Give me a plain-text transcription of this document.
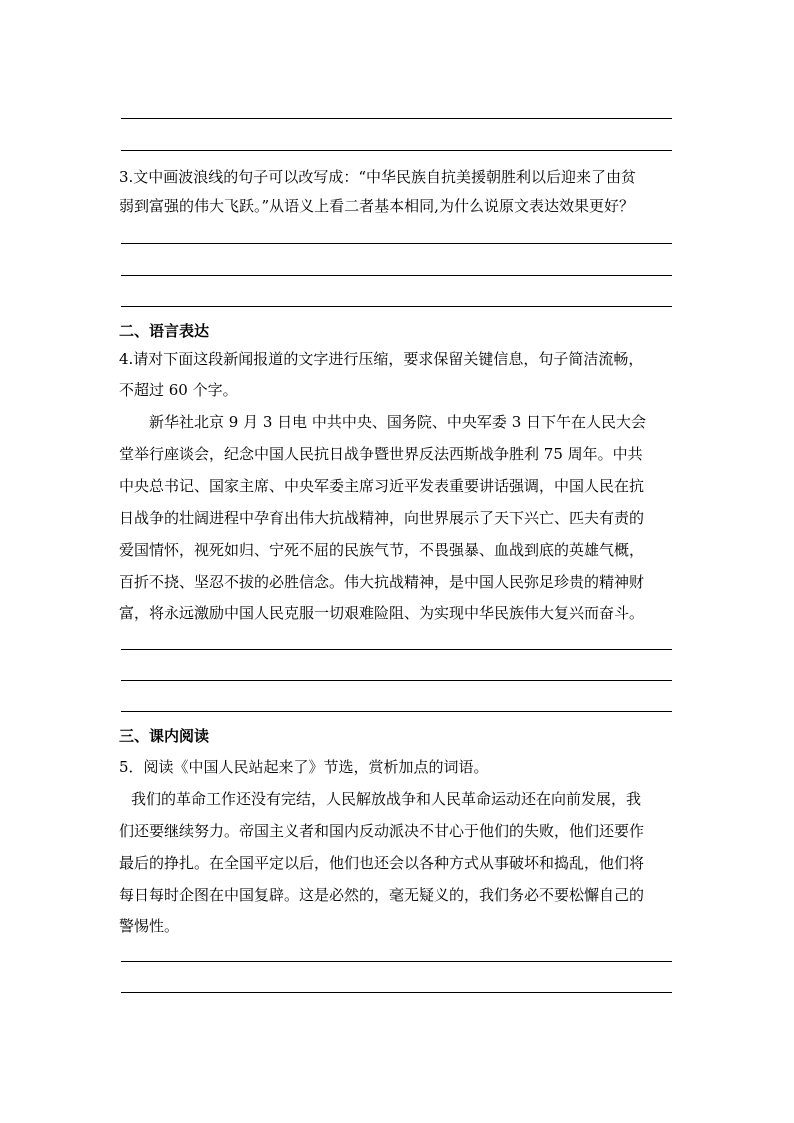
3.文中画波浪线的句子可以改写成：“中华民族自抗美援朝胜利以后迎来了由贫
弱到富强的伟大飞跃。”从语义上看二者基本相同,为什么说原文表达效果更好？
二、语言表达
4.请对下面这段新闻报道的文字进行压缩，要求保留关键信息，句子简洁流畅，
不超过 60 个字。
新华社北京 9 月 3 日电 中共中央、国务院、中央军委 3 日下午在人民大会
堂举行座谈会，纪念中国人民抗日战争暨世界反法西斯战争胜利 75 周年。中共
中央总书记、国家主席、中央军委主席习近平发表重要讲话强调，中国人民在抗
日战争的壮阔进程中孕育出伟大抗战精神，向世界展示了天下兴亡、匹夫有责的
爱国情怀，视死如归、宁死不屈的民族气节，不畏强暴、血战到底的英雄气概，
百折不挠、坚忍不拔的必胜信念。伟大抗战精神，是中国人民弥足珍贵的精神财
富，将永远激励中国人民克服一切艰难险阻、为实现中华民族伟大复兴而奋斗。
三、课内阅读
5．阅读《中国人民站起来了》节选，赏析加点的词语。
我们的革命工作还没有完结，人民解放战争和人民革命运动还在向前发展，我
们还要继续努力。帝国主义者和国内反动派决不甘心于他们的失败，他们还要作
最后的挣扎。在全国平定以后，他们也还会以各种方式从事破坏和捣乱，他们将
每日每时企图在中国复辟。这是必然的，毫无疑义的，我们务必不要松懈自己的
警惕性。
